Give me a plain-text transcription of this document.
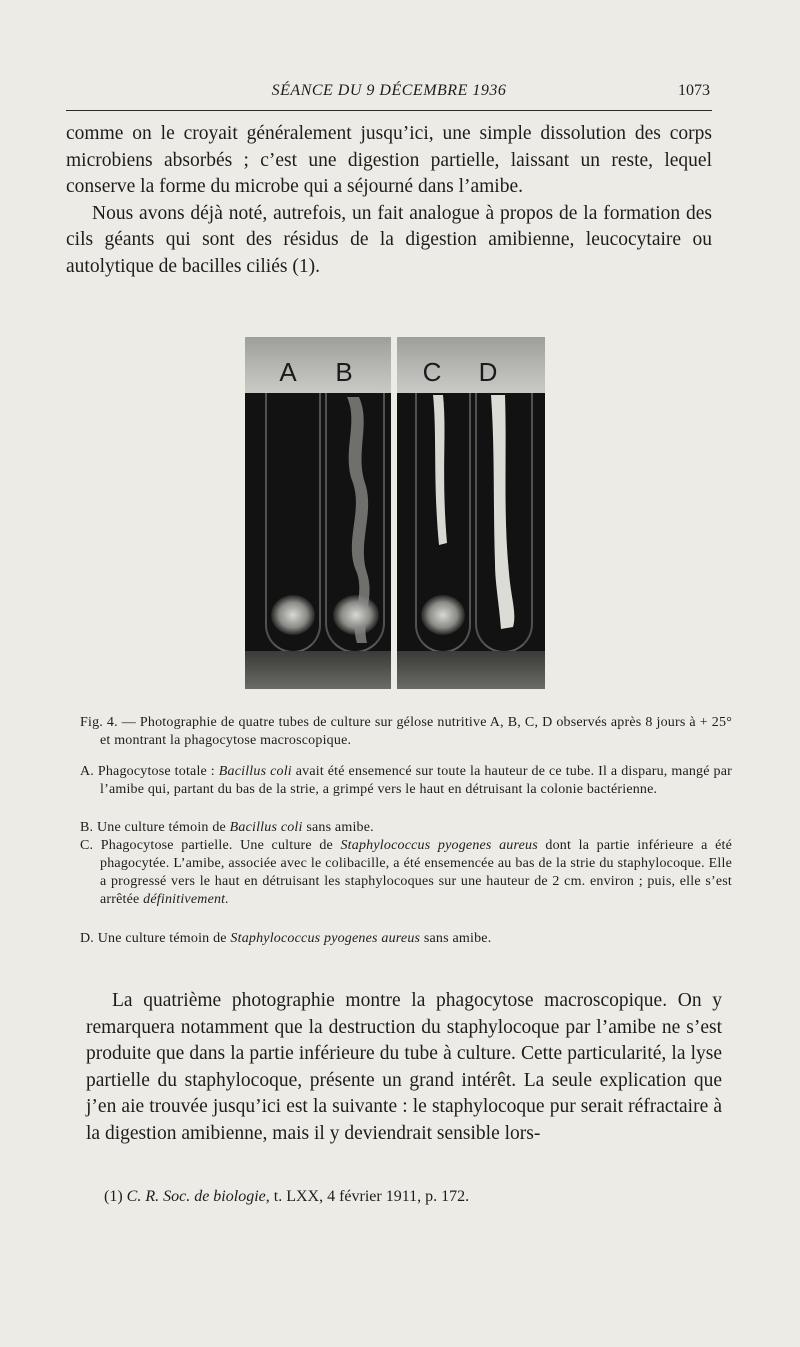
SÉANCE DU 9 DÉCEMBRE 1936	1073

comme on le croyait généralement jusqu’ici, une simple dissolution des corps microbiens absorbés ; c’est une digestion partielle, laissant un reste, lequel conserve la forme du microbe qui a séjourné dans l’amibe.

Nous avons déjà noté, autrefois, un fait analogue à propos de la formation des cils géants qui sont des résidus de la digestion amibienne, leucocytaire ou autolytique de bacilles ciliés (1).

A B	C D

Fig. 4. — Photographie de quatre tubes de culture sur gélose nutritive A, B, C, D observés après 8 jours à + 25° et montrant la phagocytose macroscopique.

A. Phagocytose totale : Bacillus coli avait été ensemencé sur toute la hauteur de ce tube. Il a disparu, mangé par l’amibe qui, partant du bas de la strie, a grimpé vers le haut en détruisant la colonie bactérienne.

B. Une culture témoin de Bacillus coli sans amibe.

C. Phagocytose partielle. Une culture de Staphylococcus pyogenes aureus dont la partie inférieure a été phagocytée. L’amibe, associée avec le colibacille, a été ensemencée au bas de la strie du staphylocoque. Elle a progressé vers le haut en détruisant les staphylocoques sur une hauteur de 2 cm. environ ; puis, elle s’est arrêtée définitivement.

D. Une culture témoin de Staphylococcus pyogenes aureus sans amibe.

La quatrième photographie montre la phagocytose macroscopique. On y remarquera notamment que la destruction du staphylocoque par l’amibe ne s’est produite que dans la partie inférieure du tube à culture. Cette particularité, la lyse partielle du staphylocoque, présente un grand intérêt. La seule explication que j’en aie trouvée jusqu’ici est la suivante : le staphylocoque pur serait réfractaire à la digestion amibienne, mais il y deviendrait sensible lors-

(1) C. R. Soc. de biologie, t. LXX, 4 février 1911, p. 172.
